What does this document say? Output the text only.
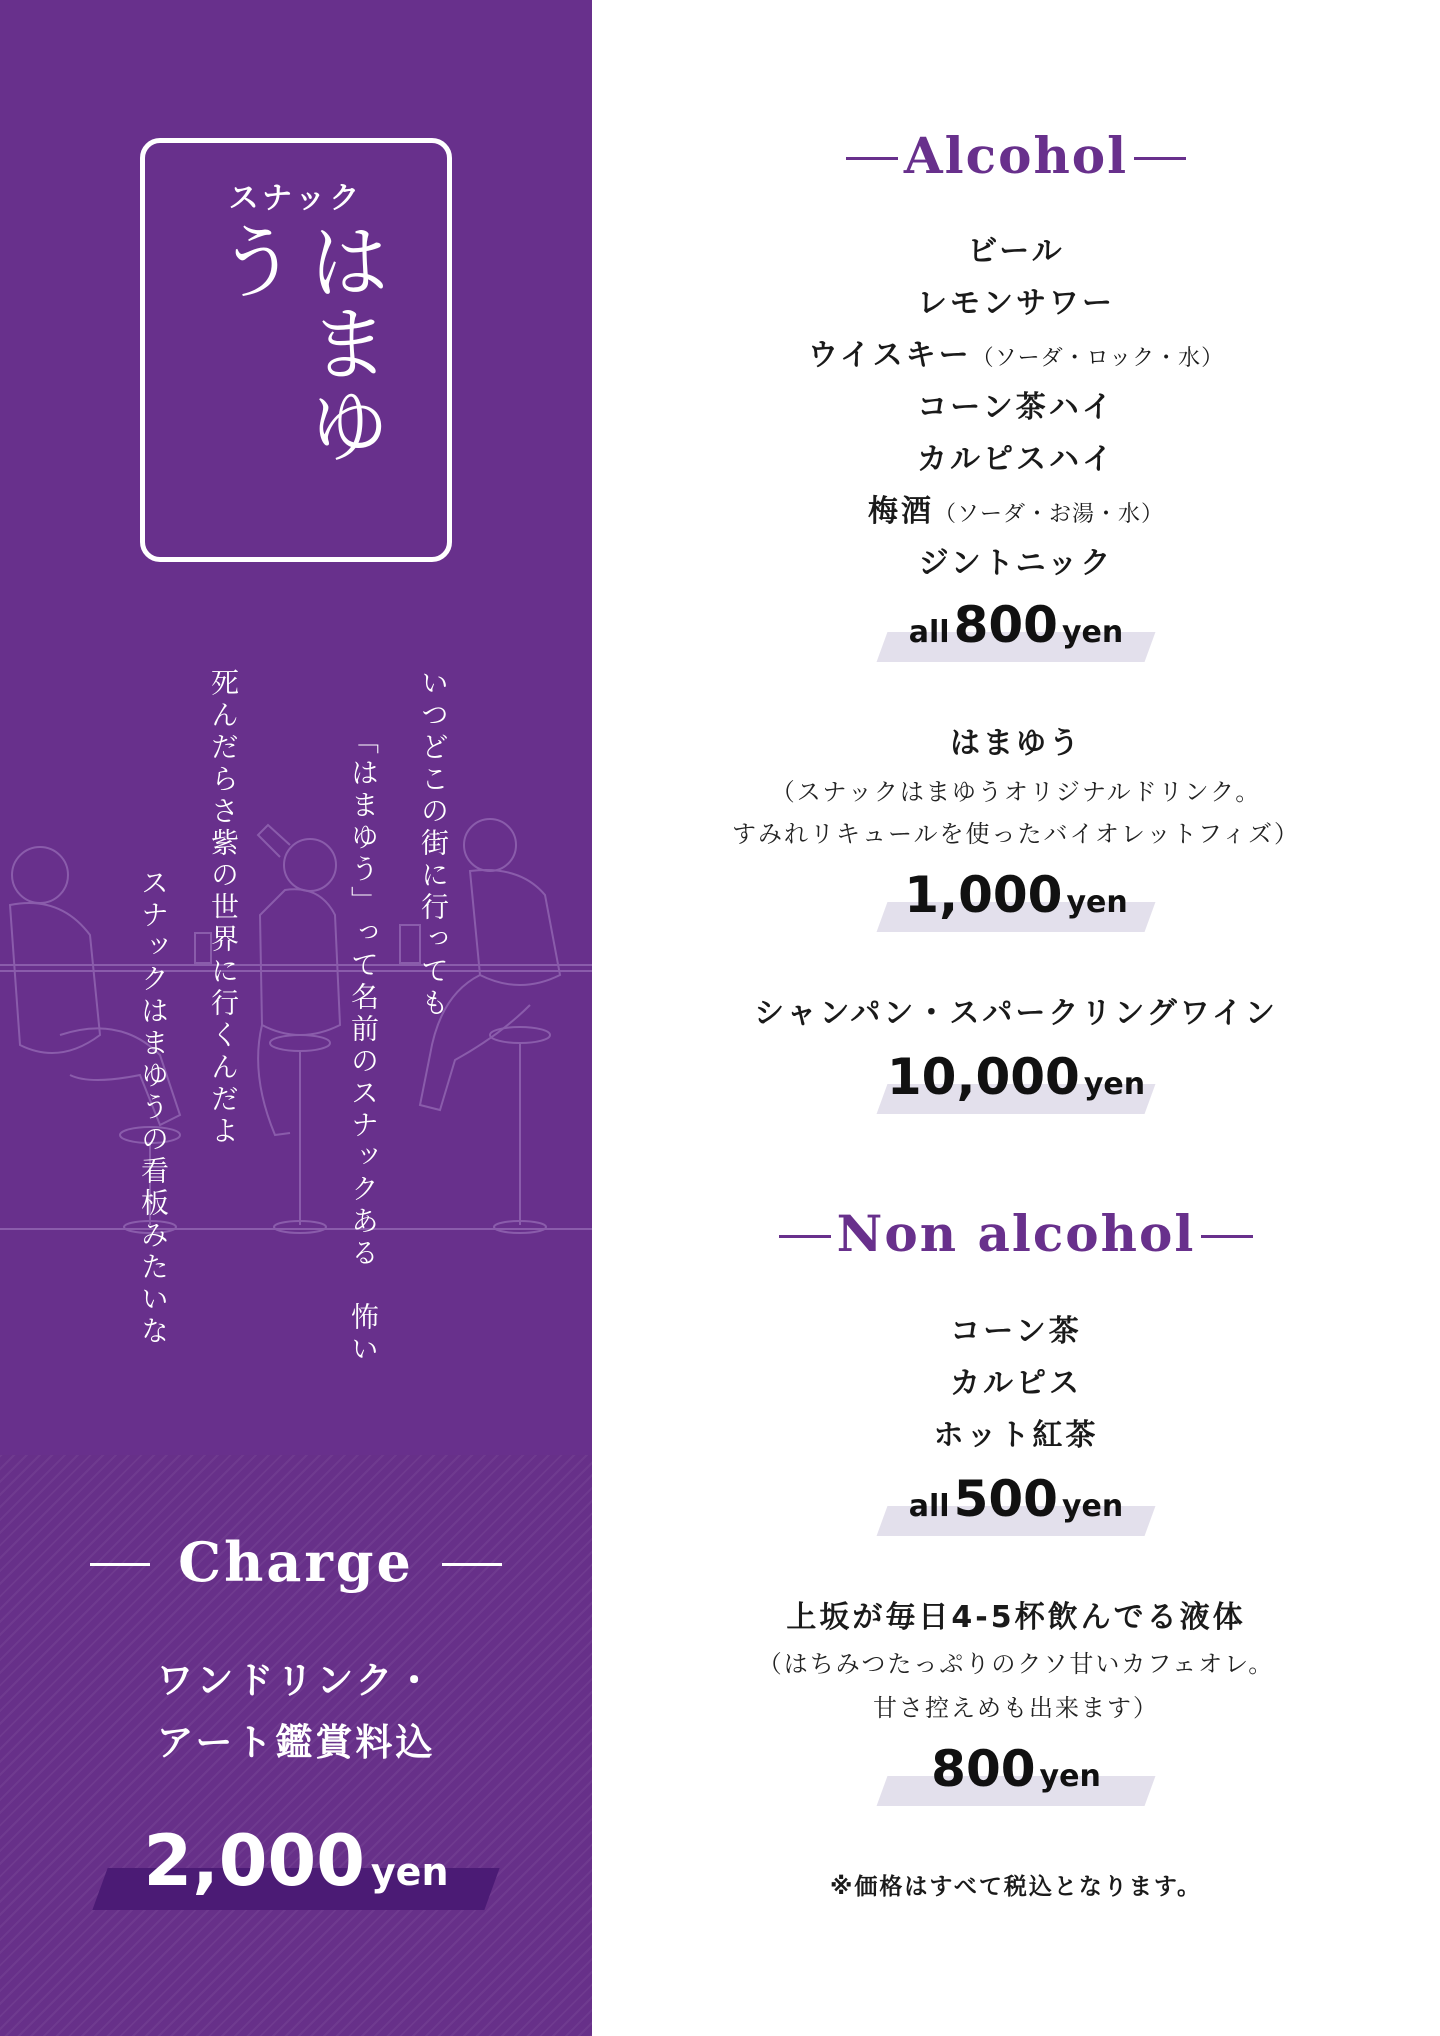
スナック
はまゆう
いつどこの街に行っても
「はまゆう」って名前のスナックある　怖い
死んだらさ紫の世界に行くんだよ
スナックはまゆうの看板みたいな
Charge
ワンドリンク・
アート鑑賞料込
2,000 yen
Alcohol
ビール
レモンサワー
ウイスキー（ソーダ・ロック・水）
コーン茶ハイ
カルピスハイ
梅酒（ソーダ・お湯・水）
ジントニック
all800 yen
はまゆう
（スナックはまゆうオリジナルドリンク。
すみれリキュールを使ったバイオレットフィズ）
1,000 yen
シャンパン・スパークリングワイン
10,000 yen
Non alcohol
コーン茶
カルピス
ホット紅茶
all500 yen
上坂が毎日4-5杯飲んでる液体
（はちみつたっぷりのクソ甘いカフェオレ。
甘さ控えめも出来ます）
800 yen
※価格はすべて税込となります。
